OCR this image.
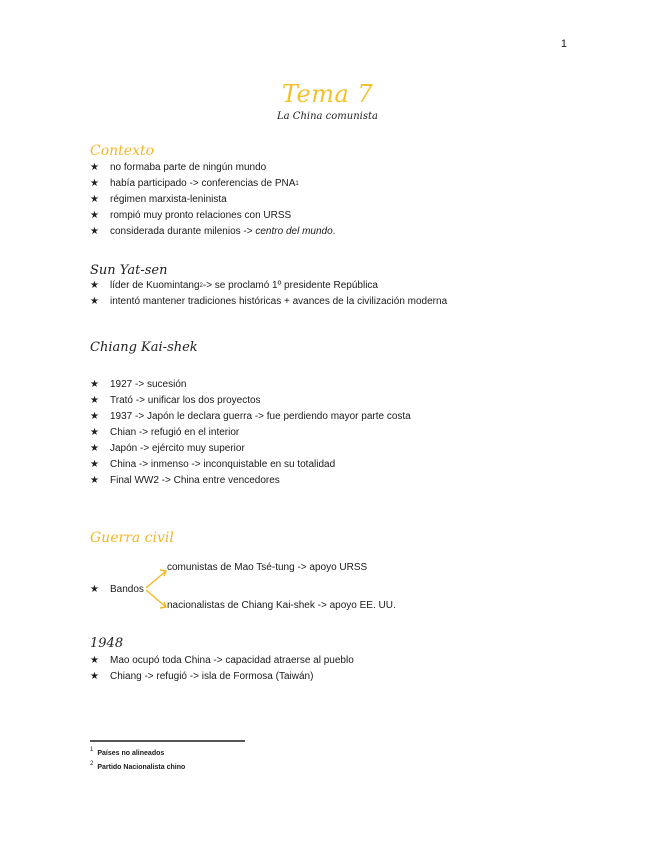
1
Tema 7
La China comunista
Contexto
★	no formaba parte de ningún mundo
★	había participado -> conferencias de PNA 1
★	régimen marxista-leninista
★	rompió muy pronto relaciones con URSS
★	considerada durante milenios ->
centro del mundo .
Sun Yat-sen
★	líder de Kuomintang 2 -> se proclamó 1º presidente República
★	intentó mantener tradiciones históricas + avances de la civilización moderna
Chiang Kai-shek
★	1927 -> sucesión
★	Trató -> unificar los dos proyectos
★	1937 -> Japón le declara guerra -> fue perdiendo mayor parte costa
★	Chian -> refugió en el interior
★	Japón -> ejército muy superior
★	China -> inmenso -> inconquistable en su totalidad
★	Final WW2 -> China entre vencedores
Guerra civil
comunistas de Mao Tsé-tung -> apoyo URSS
★ Bandos
nacionalistas de Chiang Kai-shek -> apoyo EE. UU.
1948
★	Mao ocupó toda China -> capacidad atraerse al pueblo
★	Chiang -> refugió -> isla de Formosa (Taiwán)
$^1$ Países no alineados
$^2$ Partido Nacionalista chino
